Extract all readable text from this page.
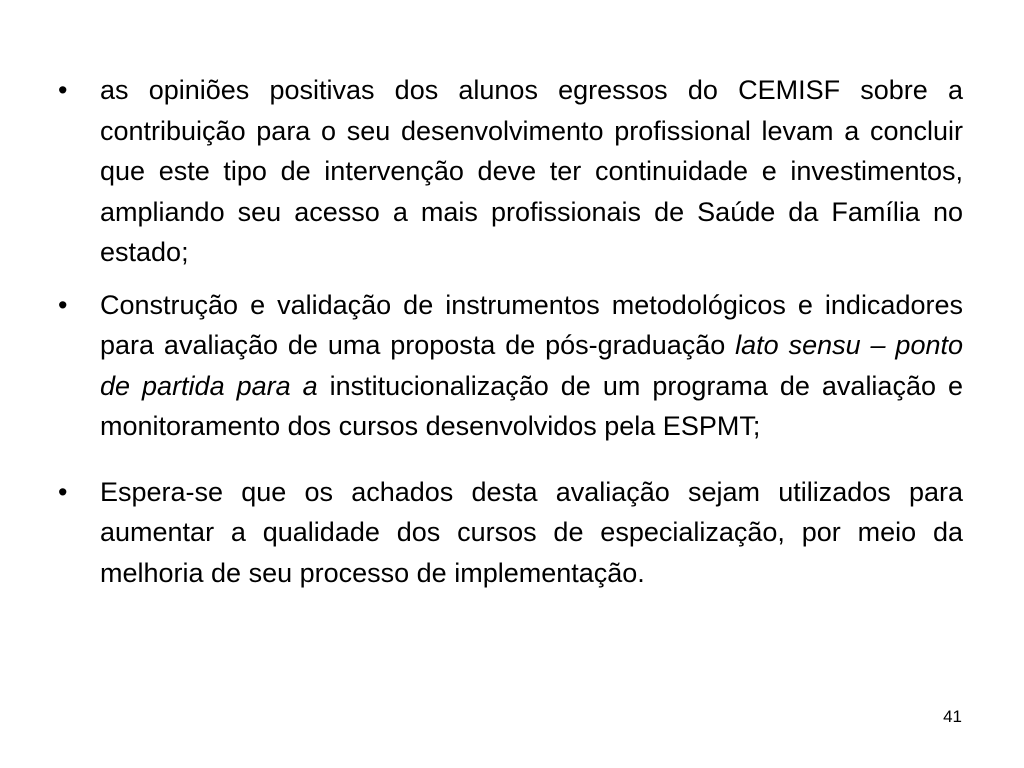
•	as opiniões positivas dos alunos egressos do CEMISF sobre a contribuição para o seu desenvolvimento profissional levam a concluir que este tipo de intervenção deve ter continuidade e investimentos, ampliando seu acesso a mais profissionais de Saúde da Família no estado;
•	Construção e validação de instrumentos metodológicos e indicadores para avaliação de uma proposta de pós-graduação lato sensu – ponto de partida para a institucionalização de um programa de avaliação e monitoramento dos cursos desenvolvidos pela ESPMT;
•	Espera-se que os achados desta avaliação sejam utilizados para aumentar a qualidade dos cursos de especialização, por meio da melhoria de seu processo de implementação.
41
